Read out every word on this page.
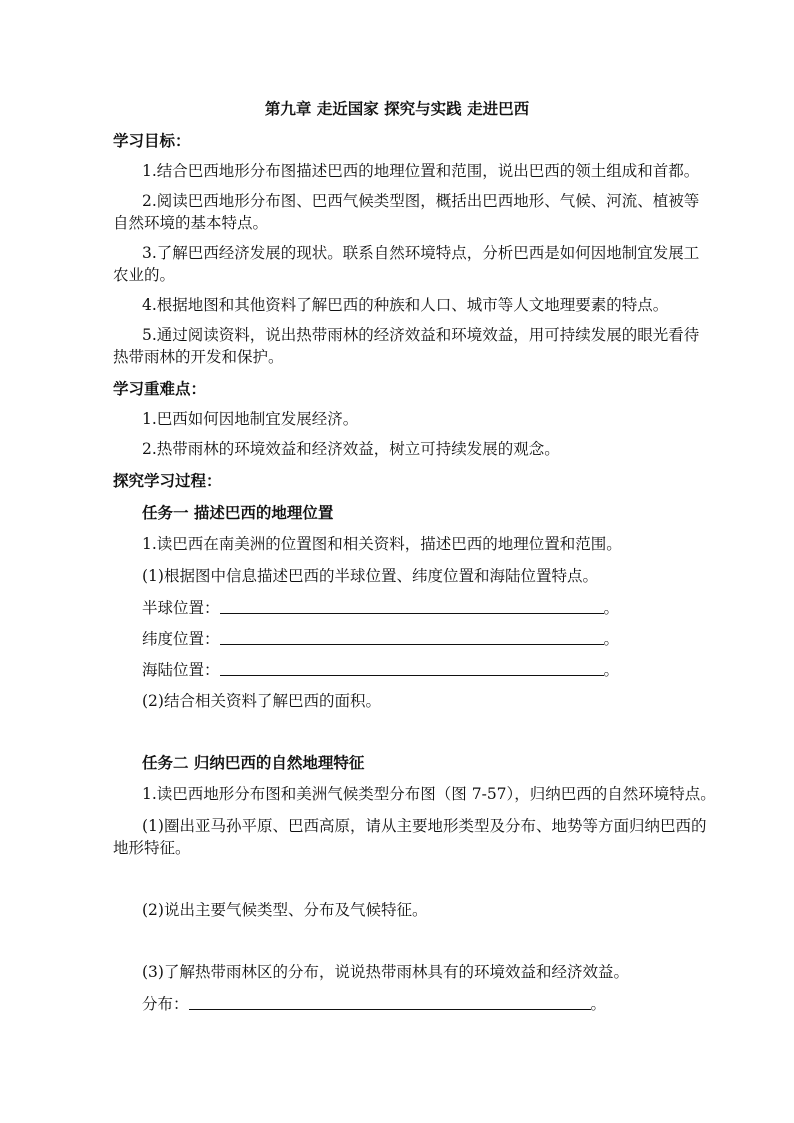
第九章 走近国家 探究与实践 走进巴西
学习目标：
1.结合巴西地形分布图描述巴西的地理位置和范围，说出巴西的领土组成和首都。
2.阅读巴西地形分布图、巴西气候类型图，概括出巴西地形、气候、河流、植被等
自然环境的基本特点。
3.了解巴西经济发展的现状。联系自然环境特点，分析巴西是如何因地制宜发展工
农业的。
4.根据地图和其他资料了解巴西的种族和人口、城市等人文地理要素的特点。
5.通过阅读资料，说出热带雨林的经济效益和环境效益，用可持续发展的眼光看待
热带雨林的开发和保护。
学习重难点：
1.巴西如何因地制宜发展经济。
2.热带雨林的环境效益和经济效益，树立可持续发展的观念。
探究学习过程：
任务一 描述巴西的地理位置
1.读巴西在南美洲的位置图和相关资料，描述巴西的地理位置和范围。
(1)根据图中信息描述巴西的半球位置、纬度位置和海陆位置特点。
半球位置：	。
纬度位置：	。
海陆位置：	。
(2)结合相关资料了解巴西的面积。
任务二 归纳巴西的自然地理特征
1.读巴西地形分布图和美洲气候类型分布图（图 7-57），归纳巴西的自然环境特点。
(1)圈出亚马孙平原、巴西高原，请从主要地形类型及分布、地势等方面归纳巴西的
地形特征。
(2)说出主要气候类型、分布及气候特征。
(3)了解热带雨林区的分布，说说热带雨林具有的环境效益和经济效益。
分布：	。
